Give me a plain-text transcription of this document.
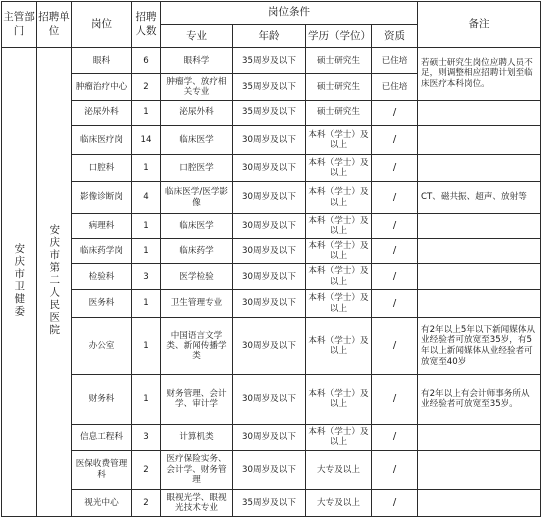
主管部门	招聘单位	岗位	招聘人数	岗位条件				备注
				专业	年龄	学历（学位）	资质	
安庆市卫健委	安庆市第二人民医院	眼科	6	眼科学	35周岁及以下	硕士研究生	已住培	若硕士研究生岗位应聘人员不足，则调整相应招聘计划至临床医疗本科岗位。
		肿瘤治疗中心	2	肿瘤学、放疗相关专业	35周岁及以下	硕士研究生	已住培	
		泌尿外科	1	泌尿外科	35周岁及以下	硕士研究生	/	
		临床医疗岗	14	临床医学	30周岁及以下	本科（学士）及以上	/	
		口腔科	1	口腔医学	30周岁及以下	本科（学士）及以上	/	
		影像诊断岗	4	临床医学/医学影像	30周岁及以下	本科（学士）及以上	/	CT、磁共振、超声、放射等
		病理科	1	临床医学	30周岁及以下	本科（学士）及以上	/	
		临床药学岗	1	临床药学	30周岁及以下	本科（学士）及以上	/	
		检验科	3	医学检验	30周岁及以下	本科（学士）及以上	/	
		医务科	1	卫生管理专业	30周岁及以下	本科（学士）及以上	/	
		办公室	1	中国语言文学类、新闻传播学类	30周岁及以下	本科（学士）及以上	/	有2年以上5年以下新闻媒体从业经验者可放宽至35岁，有5年以上新闻媒体从业经验者可放宽至40岁
		财务科	1	财务管理、会计学、审计学	30周岁及以下	本科（学士）及以上	/	有2年以上有会计师事务所从业经验者可放宽至35岁。
		信息工程科	3	计算机类	30周岁及以下	本科（学士）及以上	/	
		医保收费管理科	2	医疗保险实务、会计学、财务管理	30周岁及以下	大专及以上	/	
		视光中心	2	眼视光学、眼视光技术专业	35周岁及以下	大专及以上	/	
